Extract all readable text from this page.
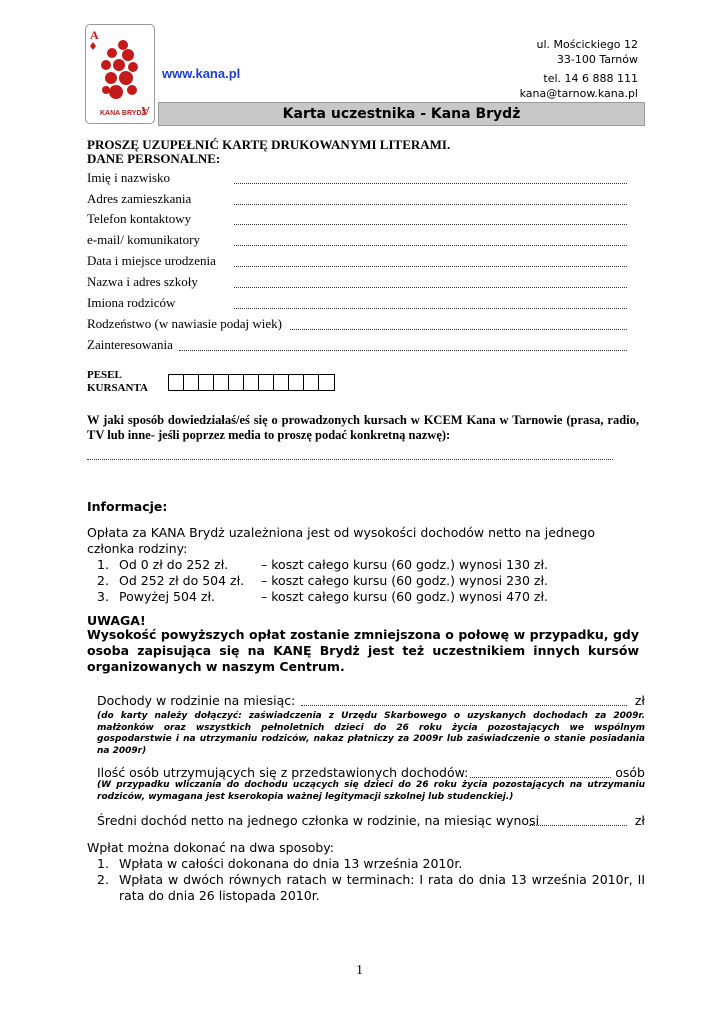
A
A
KANA BRYDŻ
www.kana.pl
ul. Mościckiego 12
33-100 Tarnów
tel. 14 6 888 111
kana@tarnow.kana.pl
Karta uczestnika - Kana Brydż
PROSZĘ UZUPEŁNIĆ KARTĘ DRUKOWANYMI LITERAMI.
DANE PERSONALNE:
Imię i nazwisko
Adres zamieszkania
Telefon kontaktowy
e-mail/ komunikatory
Data i miejsce urodzenia
Nazwa i adres szkoły
Imiona rodziców
Rodzeństwo (w nawiasie podaj wiek)
Zainteresowania
PESEL
KURSANTA
W jaki sposób dowiedziałaś/eś się o prowadzonych kursach w KCEM Kana w Tarnowie (prasa, radio, TV lub inne- jeśli poprzez media to proszę podać konkretną nazwę):
Informacje:
Opłata za KANA Brydż uzależniona jest od wysokości dochodów netto na jednego członka rodziny:
1. Od 0 zł do 252 zł.	– koszt całego kursu (60 godz.) wynosi 130 zł.
2. Od 252 zł do 504 zł. – koszt całego kursu (60 godz.) wynosi 230 zł.
3. Powyżej 504 zł.	– koszt całego kursu (60 godz.) wynosi 470 zł.
UWAGA!
Wysokość powyższych opłat zostanie zmniejszona o połowę w przypadku, gdy osoba zapisująca się na KANĘ Brydż jest też uczestnikiem innych kursów organizowanych w naszym Centrum.
Dochody w rodzinie na miesiąc:	zł
(do karty należy dołączyć: zaświadczenia z Urzędu Skarbowego o uzyskanych dochodach za 2009r. małżonków oraz wszystkich pełnoletnich dzieci do 26 roku życia pozostających we wspólnym gospodarstwie i na utrzymaniu rodziców, nakaz płatniczy za 2009r lub zaświadczenie o stanie posiadania na 2009r)
Ilość osób utrzymujących się z przedstawionych dochodów:	osób
(W przypadku wliczania do dochodu uczących się dzieci do 26 roku życia pozostających na utrzymaniu rodziców, wymagana jest kserokopia ważnej legitymacji szkolnej lub studenckiej.)
Średni dochód netto na jednego członka w rodzinie, na miesiąc wynosi	zł
Wpłat można dokonać na dwa sposoby:
1. Wpłata w całości dokonana do dnia 13 września 2010r.
2. Wpłata w dwóch równych ratach w terminach: I rata do dnia 13 września 2010r, II rata do dnia 26 listopada 2010r.
1
